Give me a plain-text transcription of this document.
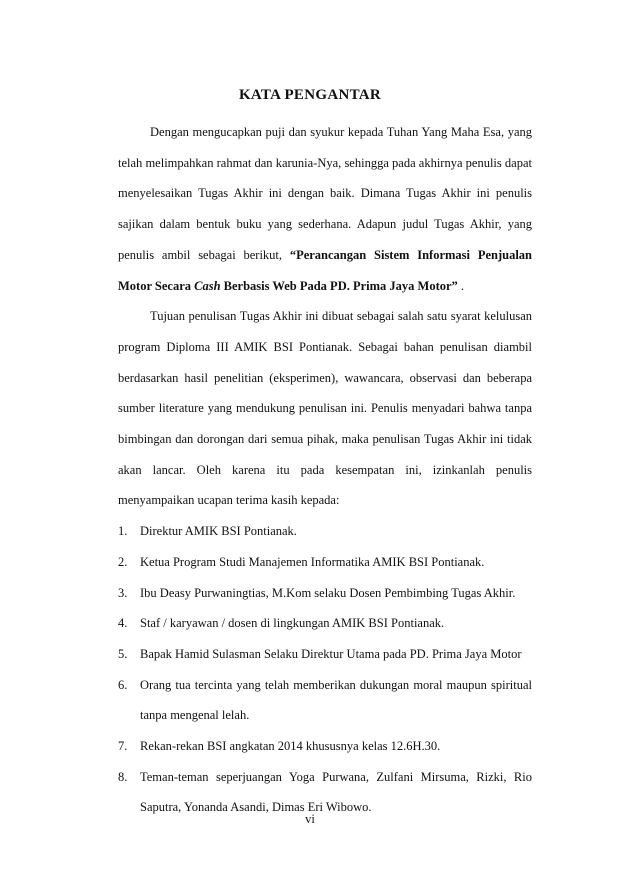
KATA PENGANTAR

Dengan mengucapkan puji dan syukur kepada Tuhan Yang Maha Esa, yang telah melimpahkan rahmat dan karunia-Nya, sehingga pada akhirnya penulis dapat menyelesaikan Tugas Akhir ini dengan baik. Dimana Tugas Akhir ini penulis sajikan dalam bentuk buku yang sederhana. Adapun judul Tugas Akhir, yang penulis ambil sebagai berikut, “Perancangan Sistem Informasi Penjualan Motor Secara Cash Berbasis Web Pada PD. Prima Jaya Motor” .

Tujuan penulisan Tugas Akhir ini dibuat sebagai salah satu syarat kelulusan program Diploma III AMIK BSI Pontianak. Sebagai bahan penulisan diambil berdasarkan hasil penelitian (eksperimen), wawancara, observasi dan beberapa sumber literature yang mendukung penulisan ini. Penulis menyadari bahwa tanpa bimbingan dan dorongan dari semua pihak, maka penulisan Tugas Akhir ini tidak akan lancar. Oleh karena itu pada kesempatan ini, izinkanlah penulis menyampaikan ucapan terima kasih kepada:

1. Direktur AMIK BSI Pontianak.
2. Ketua Program Studi Manajemen Informatika AMIK BSI Pontianak.
3. Ibu Deasy Purwaningtias, M.Kom selaku Dosen Pembimbing Tugas Akhir.
4. Staf / karyawan / dosen di lingkungan AMIK BSI Pontianak.
5. Bapak Hamid Sulasman Selaku Direktur Utama pada PD. Prima Jaya Motor
6. Orang tua tercinta yang telah memberikan dukungan moral maupun spiritual tanpa mengenal lelah.
7. Rekan-rekan BSI angkatan 2014 khususnya kelas 12.6H.30.
8. Teman-teman seperjuangan Yoga Purwana, Zulfani Mirsuma, Rizki, Rio Saputra, Yonanda Asandi, Dimas Eri Wibowo.
vi
